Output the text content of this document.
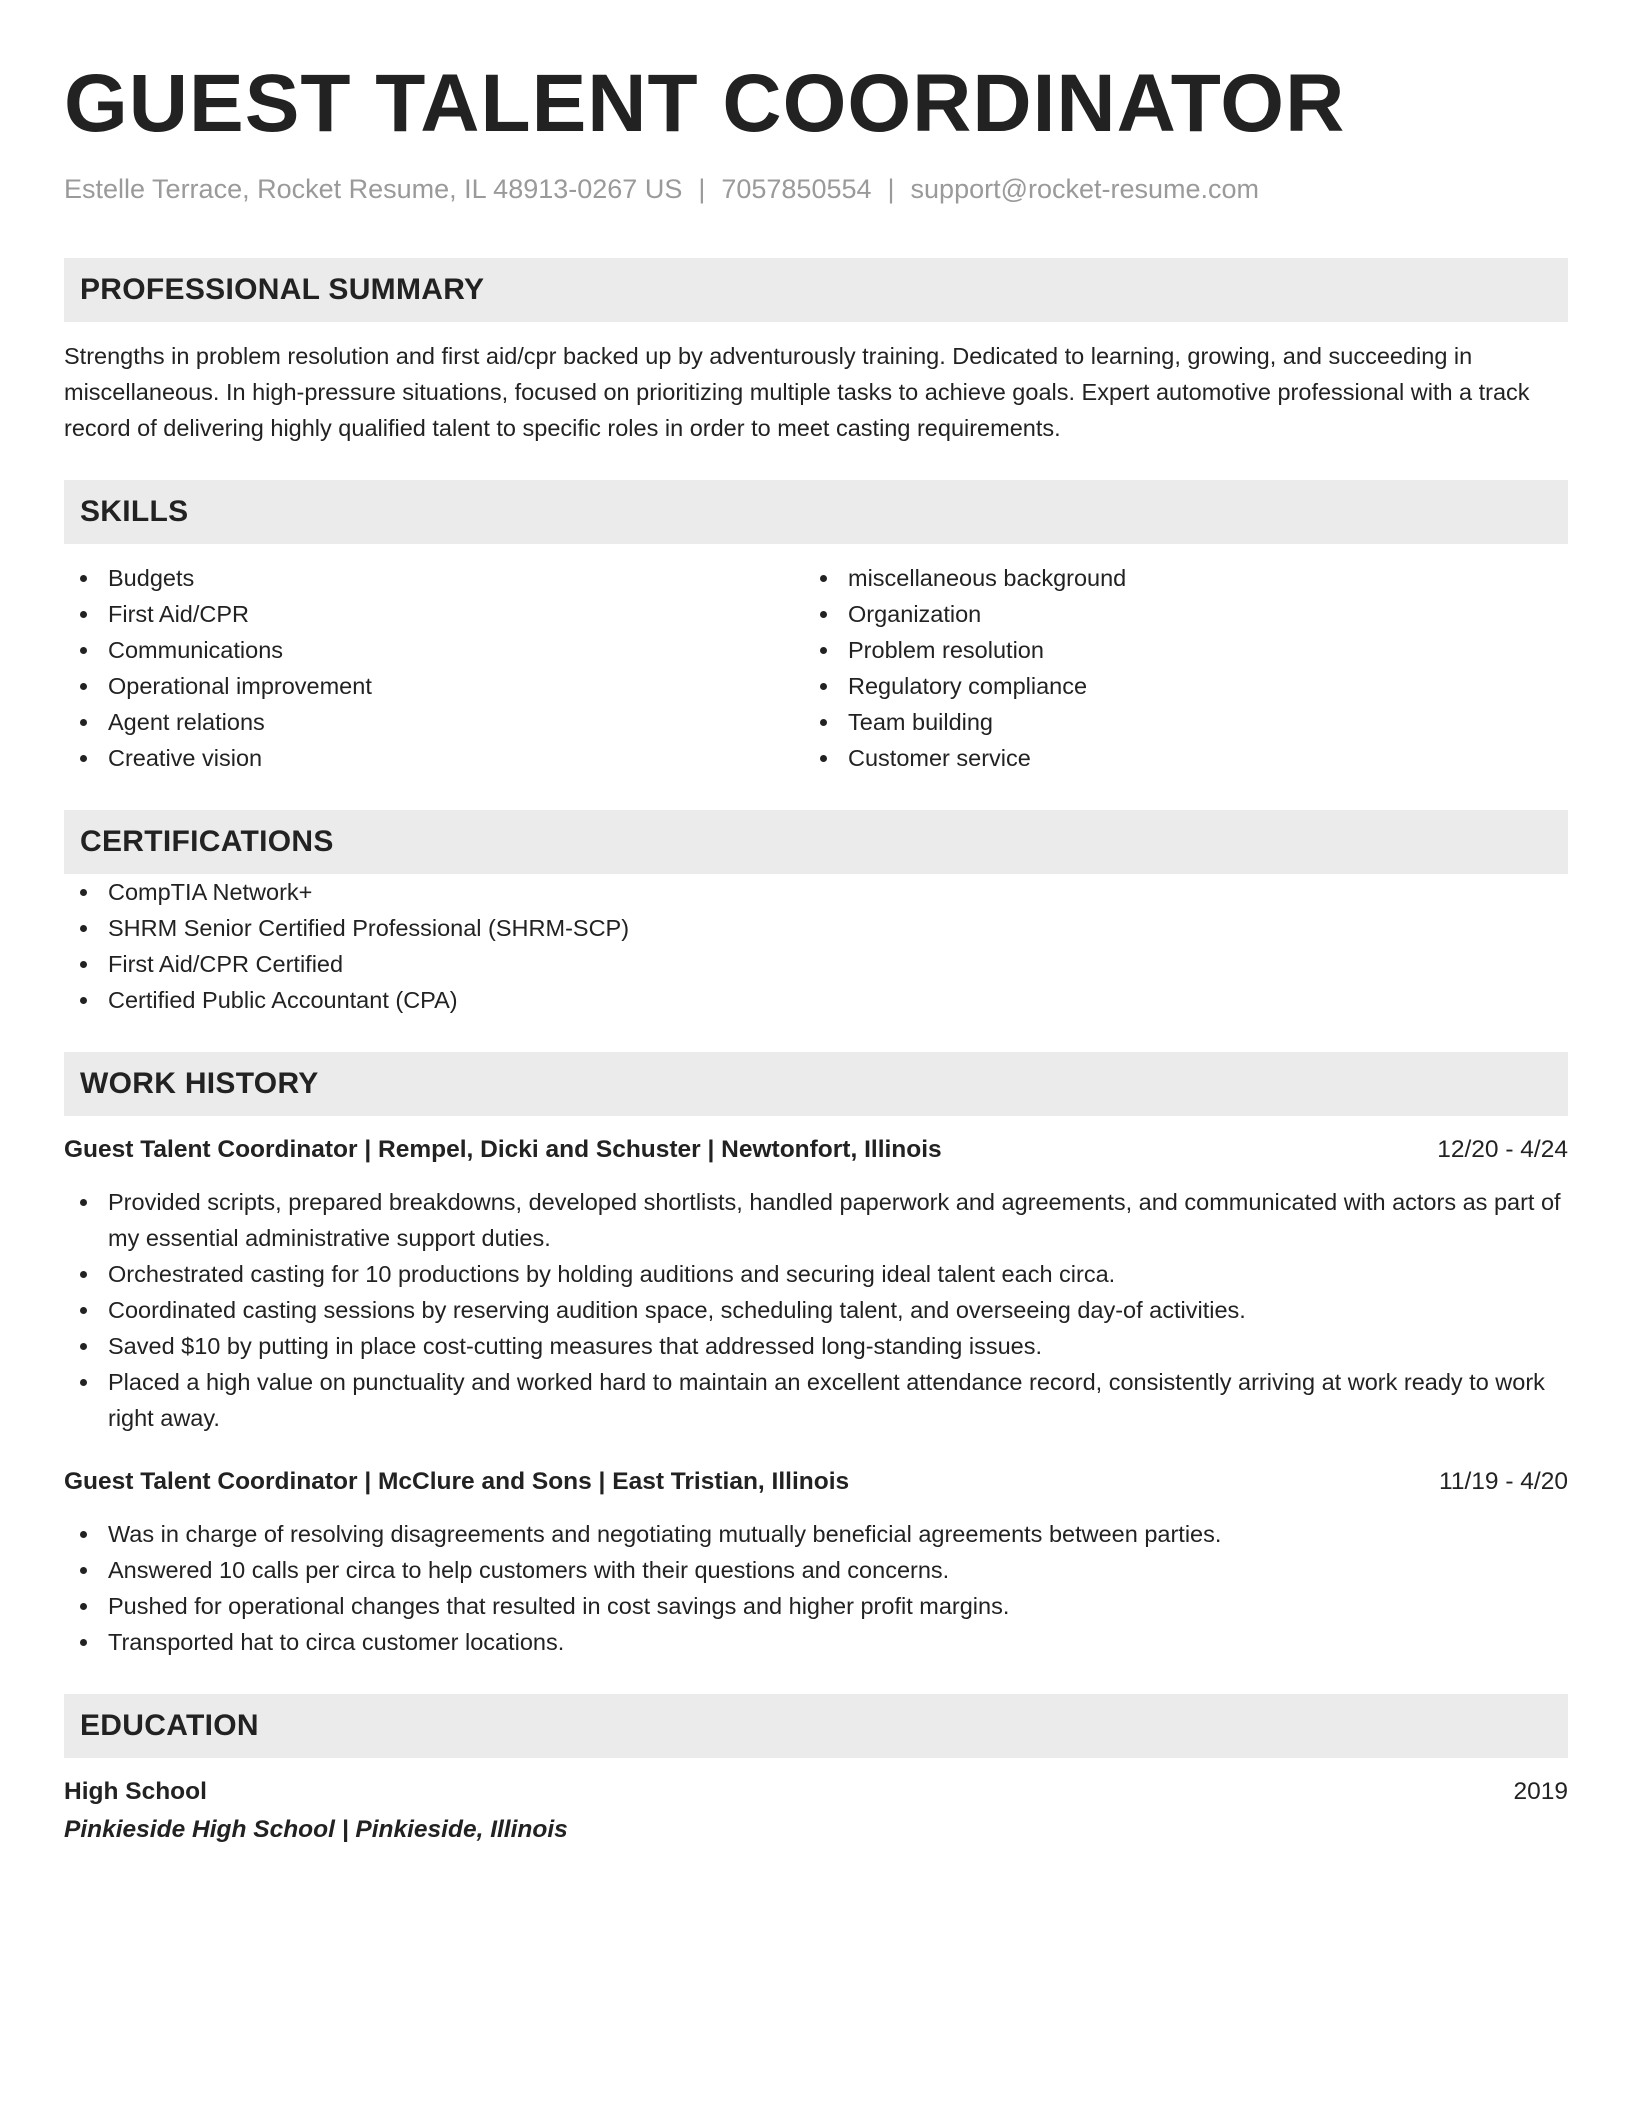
GUEST TALENT COORDINATOR
Estelle Terrace, Rocket Resume, IL 48913-0267 US | 7057850554 | support@rocket-resume.com
PROFESSIONAL SUMMARY

Strengths in problem resolution and first aid/cpr backed up by adventurously training. Dedicated to learning, growing, and succeeding in miscellaneous. In high-pressure situations, focused on prioritizing multiple tasks to achieve goals. Expert automotive professional with a track record of delivering highly qualified talent to specific roles in order to meet casting requirements.

SKILLS
Budgets
First Aid/CPR
Communications
Operational improvement
Agent relations
Creative vision
miscellaneous background
Organization
Problem resolution
Regulatory compliance
Team building
Customer service
CERTIFICATIONS
CompTIA Network+
SHRM Senior Certified Professional (SHRM-SCP)
First Aid/CPR Certified
Certified Public Accountant (CPA)
WORK HISTORY
Guest Talent Coordinator | Rempel, Dicki and Schuster | Newtonfort, Illinois	12/20 - 4/24
Provided scripts, prepared breakdowns, developed shortlists, handled paperwork and agreements, and communicated with actors as part of my essential administrative support duties.
Orchestrated casting for 10 productions by holding auditions and securing ideal talent each circa.
Coordinated casting sessions by reserving audition space, scheduling talent, and overseeing day-of activities.
Saved $10 by putting in place cost-cutting measures that addressed long-standing issues.
Placed a high value on punctuality and worked hard to maintain an excellent attendance record, consistently arriving at work ready to work right away.
Guest Talent Coordinator | McClure and Sons | East Tristian, Illinois	11/19 - 4/20
Was in charge of resolving disagreements and negotiating mutually beneficial agreements between parties.
Answered 10 calls per circa to help customers with their questions and concerns.
Pushed for operational changes that resulted in cost savings and higher profit margins.
Transported hat to circa customer locations.
EDUCATION
High School	2019
Pinkieside High School | Pinkieside, Illinois
